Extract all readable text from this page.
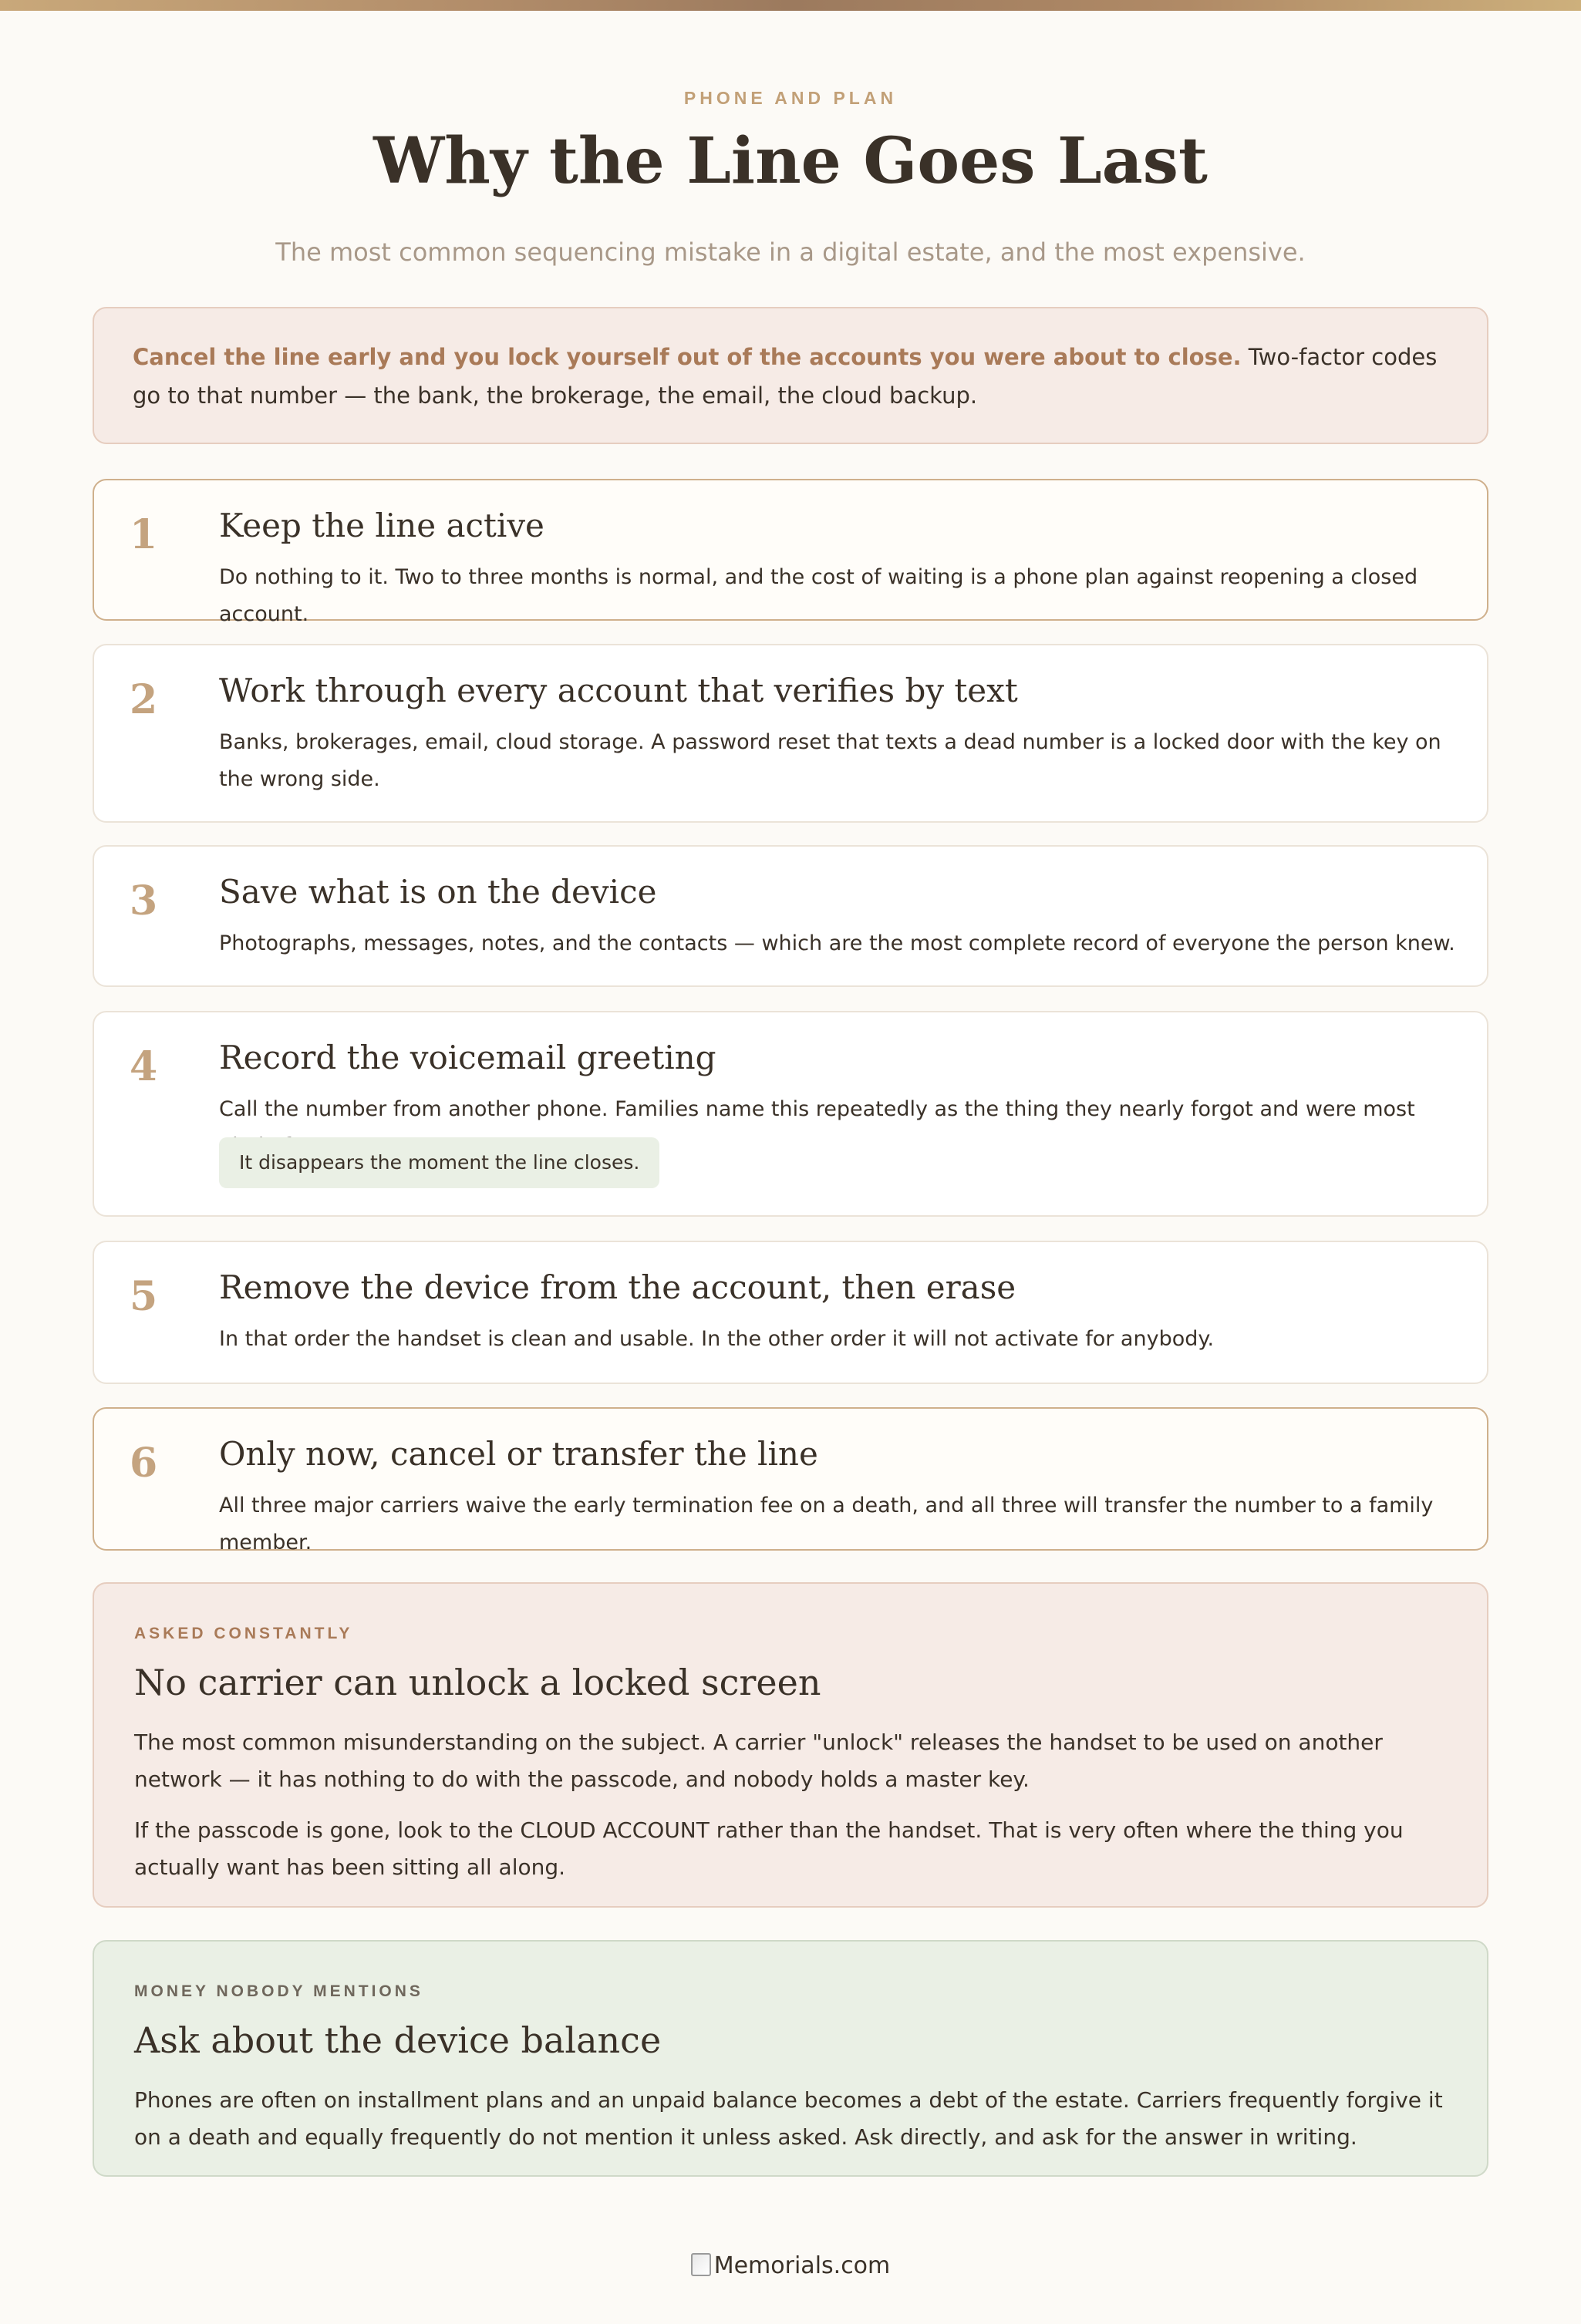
PHONE AND PLAN
Why the Line Goes Last
The most common sequencing mistake in a digital estate, and the most expensive.
Cancel the line early and you lock yourself out of the accounts you were about to close. Two-factor codes go to that number — the bank, the brokerage, the email, the cloud backup.
1 Keep the line active
Do nothing to it. Two to three months is normal, and the cost of waiting is a phone plan against reopening a closed account.
2 Work through every account that verifies by text
Banks, brokerages, email, cloud storage. A password reset that texts a dead number is a locked door with the key on the wrong side.
3 Save what is on the device
Photographs, messages, notes, and the contacts — which are the most complete record of everyone the person knew.
4 Record the voicemail greeting
Call the number from another phone. Families name this repeatedly as the thing they nearly forgot and were most
It disappears the moment the line closes.
5 Remove the device from the account, then erase
In that order the handset is clean and usable. In the other order it will not activate for anybody.
6 Only now, cancel or transfer the line
All three major carriers waive the early termination fee on a death, and all three will transfer the number to a family member.
ASKED CONSTANTLY
No carrier can unlock a locked screen
The most common misunderstanding on the subject. A carrier "unlock" releases the handset to be used on another network — it has nothing to do with the passcode, and nobody holds a master key.
If the passcode is gone, look to the CLOUD ACCOUNT rather than the handset. That is very often where the thing you actually want has been sitting all along.
MONEY NOBODY MENTIONS
Ask about the device balance
Phones are often on installment plans and an unpaid balance becomes a debt of the estate. Carriers frequently forgive it on a death and equally frequently do not mention it unless asked. Ask directly, and ask for the answer in writing.
Memorials.com
